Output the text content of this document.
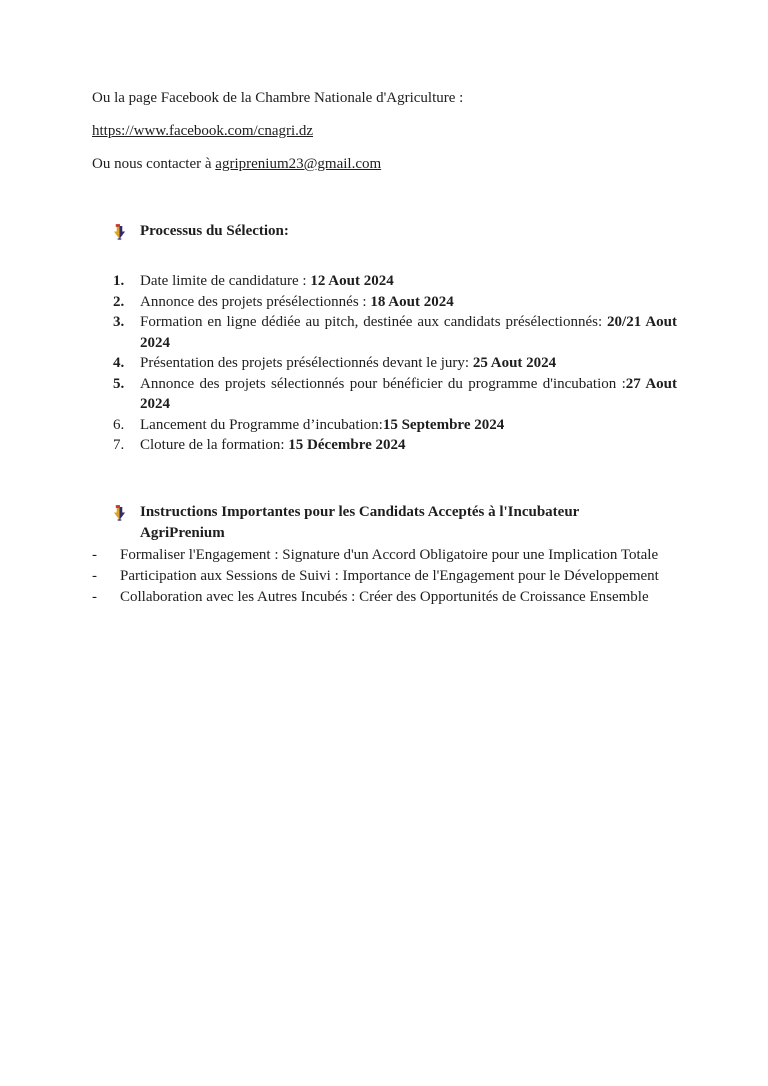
Ou la page Facebook de la Chambre Nationale d'Agriculture :

https://www.facebook.com/cnagri.dz

Ou nous contacter à agriprenium23@gmail.com

Processus du Sélection:
1.	Date limite de candidature : 12 Aout 2024
2.	Annonce des projets présélectionnés : 18 Aout 2024
3.	Formation en ligne dédiée au pitch, destinée aux candidats présélectionnés: 20/21 Aout 2024
4.	Présentation des projets présélectionnés devant le jury: 25 Aout 2024
5.	Annonce des projets sélectionnés pour bénéficier du programme d'incubation :27 Aout 2024
6.	Lancement du Programme d’incubation:15 Septembre 2024
7.	Cloture de la formation: 15 Décembre 2024
Instructions Importantes pour les Candidats Acceptés à l'Incubateur
AgriPrenium
-	Formaliser l'Engagement : Signature d'un Accord Obligatoire pour une Implication Totale
-	Participation aux Sessions de Suivi : Importance de l'Engagement pour le Développement
-	Collaboration avec les Autres Incubés : Créer des Opportunités de Croissance Ensemble
